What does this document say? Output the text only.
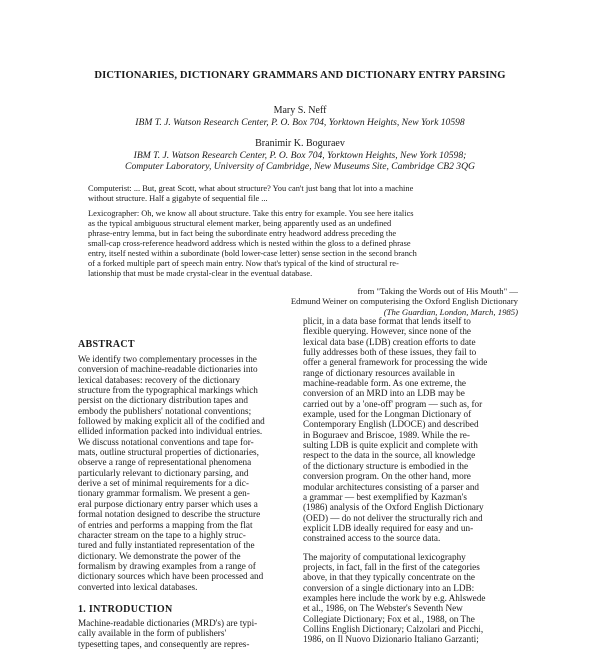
DICTIONARIES, DICTIONARY GRAMMARS AND DICTIONARY ENTRY PARSING
Mary S. Neff
IBM T. J. Watson Research Center, P. O. Box 704, Yorktown Heights, New York 10598
Branimir K. Boguraev
IBM T. J. Watson Research Center, P. O. Box 704, Yorktown Heights, New York 10598;
Computer Laboratory, University of Cambridge, New Museums Site, Cambridge CB2 3QG
Computerist: ... But, great Scott, what about structure? You can't just bang that lot into a machine
without structure. Half a gigabyte of sequential file ...
Lexicographer: Oh, we know all about structure. Take this entry for example. You see here italics
as the typical ambiguous structural element marker, being apparently used as an undefined
phrase-entry lemma, but in fact being the subordinate entry headword address preceding the
small-cap cross-reference headword address which is nested within the gloss to a defined phrase
entry, itself nested within a subordinate (bold lower-case letter) sense section in the second branch
of a forked multiple part of speech main entry. Now that's typical of the kind of structural re-
lationship that must be made crystal-clear in the eventual database.
from "Taking the Words out of His Mouth" —
Edmund Weiner on computerising the Oxford English Dictionary
(The Guardian, London, March, 1985)
ABSTRACT
We identify two complementary processes in the
conversion of machine-readable dictionaries into
lexical databases: recovery of the dictionary
structure from the typographical markings which
persist on the dictionary distribution tapes and
embody the publishers' notational conventions;
followed by making explicit all of the codified and
ellided information packed into individual entries.
We discuss notational conventions and tape for-
mats, outline structural properties of dictionaries,
observe a range of representational phenomena
particularly relevant to dictionary parsing, and
derive a set of minimal requirements for a dic-
tionary grammar formalism. We present a gen-
eral purpose dictionary entry parser which uses a
formal notation designed to describe the structure
of entries and performs a mapping from the flat
character stream on the tape to a highly struc-
tured and fully instantiated representation of the
dictionary. We demonstrate the power of the
formalism by drawing examples from a range of
dictionary sources which have been processed and
converted into lexical databases.
1. INTRODUCTION
Machine-readable dictionaries (MRD's) are typi-
cally available in the form of publishers'
typesetting tapes, and consequently are repres-
plicit, in a data base format that lends itself to
flexible querying. However, since none of the
lexical data base (LDB) creation efforts to date
fully addresses both of these issues, they fail to
offer a general framework for processing the wide
range of dictionary resources available in
machine-readable form. As one extreme, the
conversion of an MRD into an LDB may be
carried out by a 'one-off' program — such as, for
example, used for the Longman Dictionary of
Contemporary English (LDOCE) and described
in Boguraev and Briscoe, 1989. While the re-
sulting LDB is quite explicit and complete with
respect to the data in the source, all knowledge
of the dictionary structure is embodied in the
conversion program. On the other hand, more
modular architectures consisting of a parser and
a grammar — best exemplified by Kazman's
(1986) analysis of the Oxford English Dictionary
(OED) — do not deliver the structurally rich and
explicit LDB ideally required for easy and un-
constrained access to the source data.
The majority of computational lexicography
projects, in fact, fall in the first of the categories
above, in that they typically concentrate on the
conversion of a single dictionary into an LDB:
examples here include the work by e.g. Ahlswede
et al., 1986, on The Webster's Seventh New
Collegiate Dictionary; Fox et al., 1988, on The
Collins English Dictionary; Calzolari and Picchi,
1986, on Il Nuovo Dizionario Italiano Garzanti;
